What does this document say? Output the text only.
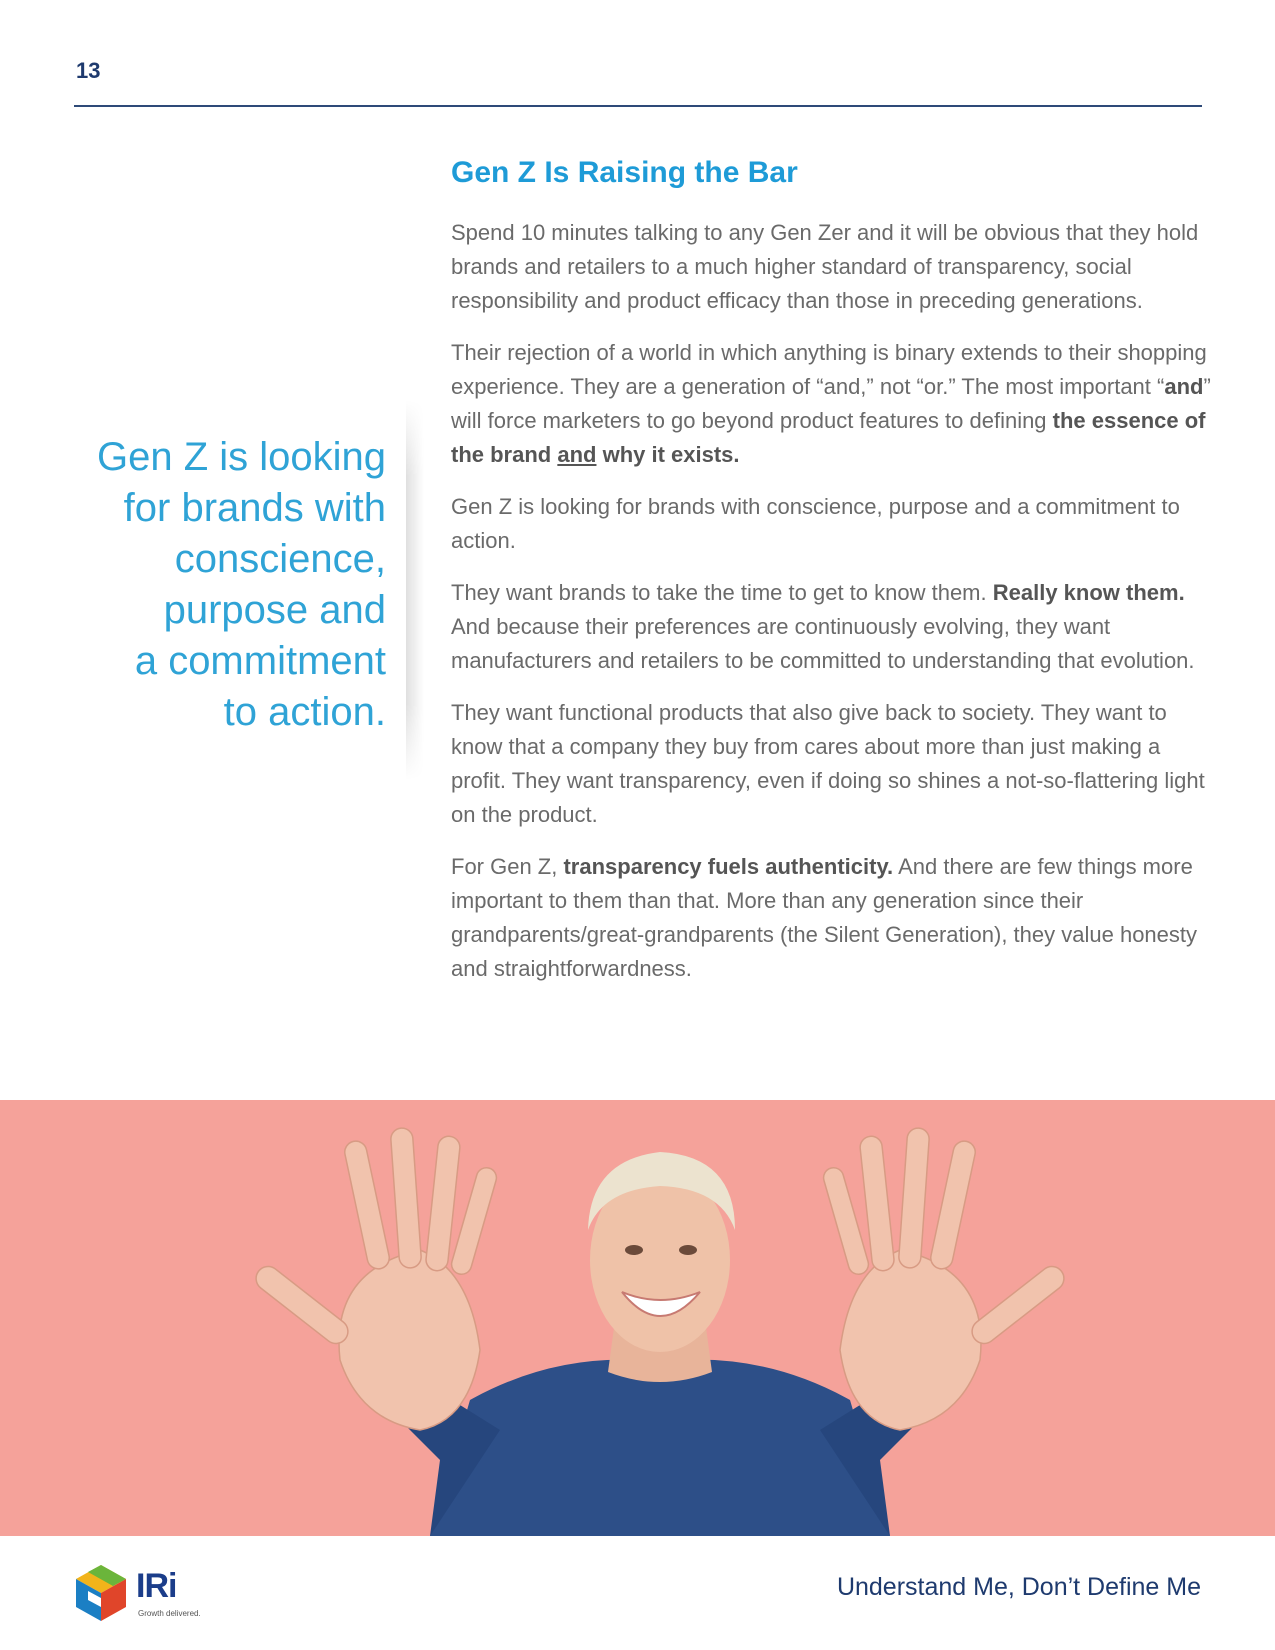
13
Gen Z is looking
for brands with
conscience,
purpose and
a commitment
to action.
Gen Z Is Raising the Bar

Spend 10 minutes talking to any Gen Zer and it will be obvious that they hold brands and retailers to a much higher standard of transparency, social responsibility and product efficacy than those in preceding generations.

Their rejection of a world in which anything is binary extends to their shopping experience. They are a generation of “and,” not “or.” The most important “and” will force marketers to go beyond product features to defining the essence of the brand and why it exists.

Gen Z is looking for brands with conscience, purpose and a commitment to action.

They want brands to take the time to get to know them. Really know them. And because their preferences are continuously evolving, they want manufacturers and retailers to be committed to understanding that evolution.

They want functional products that also give back to society. They want to know that a company they buy from cares about more than just making a profit. They want transparency, even if doing so shines a not-so-flattering light on the product.

For Gen Z, transparency fuels authenticity. And there are few things more important to them than that. More than any generation since their grandparents/great-grandparents (the Silent Generation), they value honesty and straightforwardness.

IRi
Growth delivered.
Understand Me, Don’t Define Me
